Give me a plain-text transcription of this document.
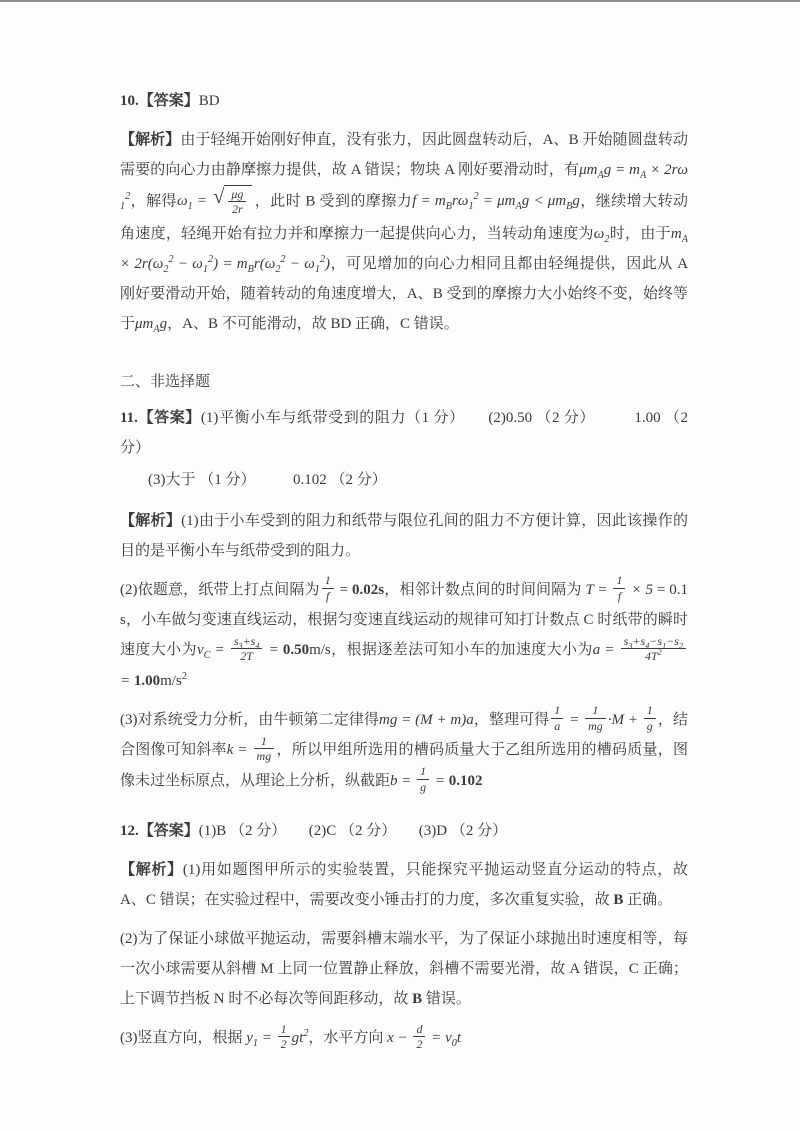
10.【答案】BD

【解析】由于轻绳开始刚好伸直，没有张力，因此圆盘转动后，A、B 开始随圆盘转动需要的向心力由静摩擦力提供，故 A 错误；物块 A 刚好要滑动时，有$\mu m_Ag = m_A \times 2r\omega_1^2$，解得$\omega_1$ = √ $\frac{\mu g}{2r}$ ，此时 B 受到的摩擦力$f = m_Br\omega_1^2 = \mu m_Ag < \mu m_Bg$，继续增大转动角速度，轻绳开始有拉力并和摩擦力一起提供向心力，当转动角速度为$\omega_2$时，由于$m_A \times 2r(\omega_2^2 - \omega_1^2) = m_Br(\omega_2^2 - \omega_1^2)$，可见增加的向心力相同且都由轻绳提供，因此从 A 刚好要滑动开始，随着转动的角速度增大，A、B 受到的摩擦力大小始终不变，始终等于$\mu m_Ag$，A、B 不可能滑动，故 BD 正确，C 错误。

二、非选择题

11.【答案】(1)平衡小车与纸带受到的阻力（1 分）　　(2)0.50 （2 分）　　　1.00 （2 分）

(3)大于 （1 分）　　　0.102 （2 分）

【解析】(1)由于小车受到的阻力和纸带与限位孔间的阻力不方便计算，因此该操作的目的是平衡小车与纸带受到的阻力。

(2)依题意，纸带上打点间隔为 $\frac{1}{f} = 0.02s$，相邻计数点间的时间间隔为 $T = \frac{1}{f} \times 5 = 0.1s$，小车做匀变速直线运动，根据匀变速直线运动的规律可知打计数点 C 时纸带的瞬时速度大小为$v_C = \frac{s_3+s_4}{2T} = 0.50m/s$，根据逐差法可知小车的加速度大小为$a = \frac{s_3+s_4-s_1-s_2}{4T^2}$
= $1.00m/s^2$

(3)对系统受力分析，由牛顿第二定律得mg = (M + m)a，整理可得 $\frac{1}{a} = \frac{1}{mg} \cdot M + \frac{1}{g}$ ，结合图像可知斜率$k = \frac{1}{mg}$ ，所以甲组所选用的槽码质量大于乙组所选用的槽码质量，图像未过坐标原点，从理论上分析，纵截距$b = \frac{1}{g} = 0.102$

12.【答案】(1)B （2 分）　　(2)C （2 分）　　(3)D （2 分）

【解析】(1)用如题图甲所示的实验装置，只能探究平抛运动竖直分运动的特点，故 A、C 错误；在实验过程中，需要改变小锤击打的力度，多次重复实验，故 B 正确。

(2)为了保证小球做平抛运动，需要斜槽末端水平，为了保证小球抛出时速度相等，每一次小球需要从斜槽 M 上同一位置静止释放，斜槽不需要光滑，故 A 错误，C 正确；上下调节挡板 N 时不必每次等间距移动，故 B 错误。

(3)竖直方向，根据 $y_1 = \frac{1}{2} gt^2$，水平方向 $x - \frac{d}{2} = v_0t$
